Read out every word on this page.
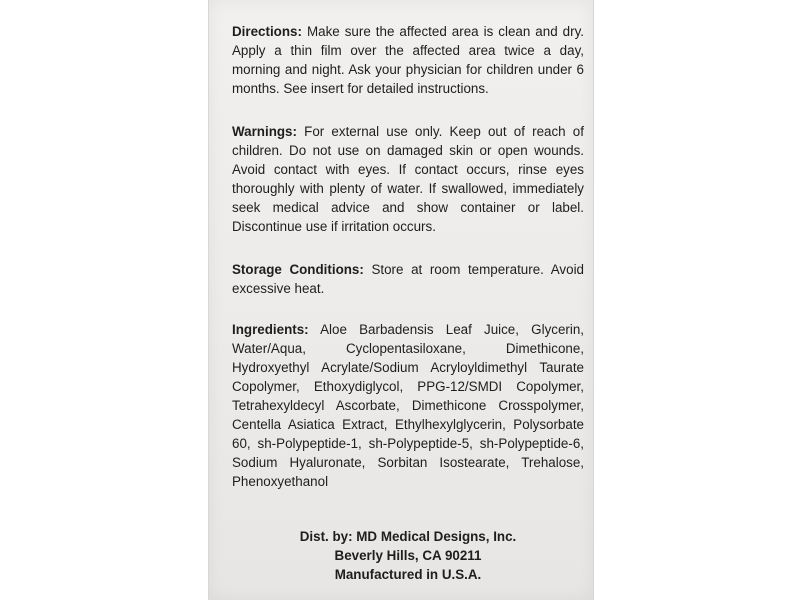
Directions: Make sure the affected area is clean and dry. Apply a thin film over the affected area twice a day, morning and night. Ask your physician for children under 6 months. See insert for detailed instructions.

Warnings: For external use only. Keep out of reach of children. Do not use on damaged skin or open wounds. Avoid contact with eyes. If contact occurs, rinse eyes thoroughly with plenty of water. If swallowed, immediately seek medical advice and show container or label. Discontinue use if irritation occurs.

Storage Conditions: Store at room temperature. Avoid excessive heat.

Ingredients: Aloe Barbadensis Leaf Juice, Glycerin, Water/Aqua, Cyclopentasiloxane, Dimethicone, Hydroxyethyl Acrylate/Sodium Acryloyldimethyl Taurate Copolymer, Ethoxydiglycol, PPG-12/SMDI Copolymer, Tetrahexyldecyl Ascorbate, Dimethicone Crosspolymer, Centella Asiatica Extract, Ethylhexylglycerin, Polysorbate 60, sh-Polypeptide-1, sh-Polypeptide-5, sh-Polypeptide-6, Sodium Hyaluronate, Sorbitan Isostearate, Trehalose, Phenoxyethanol

Dist. by: MD Medical Designs, Inc.
Beverly Hills, CA 90211
Manufactured in U.S.A.
